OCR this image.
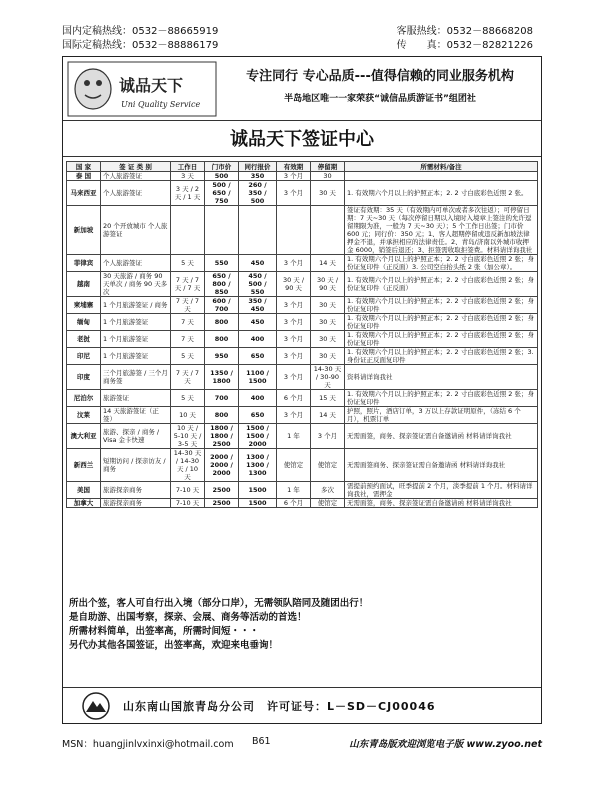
国内定稿热线：0532－88665919
国际定稿热线：0532－88886179
客服热线：0532－88668208
传　　真：0532－82821226
诚品天下
Uni Quality Service
专注同行 专心品质---值得信赖的同业服务机构
半岛地区唯一一家荣获“诚信品质游证书”组团社
诚品天下签证中心
国 家	签 证 类 别	工作日	门市价	同行报价	有效期	停留期	所需材料/备注
泰 国	个人旅游签证	3 天	500	350	3 个月	30	
马来西亚	个人旅游签证	3 天 / 2 天 / 1 天	500 / 650 / 750	260 / 350 / 500	3 个月	30 天	1. 有效期六个月以上的护照正本；2. 2 寸白底彩色近照 2 张。
新加坡	20 个开放城市 个人旅游签证						签证有效期：35 天（有效期内可单次或者多次往返）；可停留日期：7 天~30 天（每次停留日期以入境时入境章上签注的允许逗留期限为准，一般为 7 天~30 天）；5 个工作日出签；门市价 600 元；同行价：350 元；1、客人超期停留或违反新加坡法律押金不退，并承担相应的法律责任。2、青岛/济南以外城市收押金 6000，销签后退还；3、拒签需收取拒签费。材料请详询我社
菲律宾	个人旅游签证	5 天	550	450	3 个月	14 天	1. 有效期六个月以上的护照正本；2. 2 寸白底彩色近照 2 张；身份证复印件（正反面）3. 公司空白抬头纸 2 张（加公章）。
越南	30 天旅游 / 商务 90 天单次 / 商务 90 天多次	7 天 / 7 天 / 7 天	650 / 800 / 850	450 / 500 / 550	30 天 / 90 天	30 天 / 90 天	1. 有效期六个月以上的护照正本；2. 2 寸白底彩色近照 2 张；身份证复印件（正反面）
柬埔寨	1 个月旅游签证 / 商务	7 天 / 7 天	600 / 700	350 / 450	3 个月	30 天	1. 有效期六个月以上的护照正本；2. 2 寸白底彩色近照 2 张；身份证复印件
缅甸	1 个月旅游签证	7 天	800	450	3 个月	30 天	1. 有效期六个月以上的护照正本；2. 2 寸白底彩色近照 2 张；身份证复印件
老挝	1 个月旅游签证	7 天	800	400	3 个月	30 天	1. 有效期六个月以上的护照正本；2. 2 寸白底彩色近照 2 张；身份证复印件
印尼	1 个月旅游签证	5 天	950	650	3 个月	30 天	1. 有效期六个月以上的护照正本；2. 2 寸白底彩色近照 2 张；3. 身份证正反面复印件
印度	三个月旅游签 / 三个月商务签	7 天 / 7 天	1350 / 1800	1100 / 1500	3 个月	14-30 天 / 30-90 天	资料请详询我社
尼泊尔	旅游签证	5 天	700	400	6 个月	15 天	1. 有效期六个月以上的护照正本；2. 2 寸白底彩色近照 2 张；身份证复印件
汶莱	14 天旅游签证（正签）	10 天	800	650	3 个月	14 天	护照，照片，酒店订单，3 万以上存款证明原件，（冻结 6 个月），机票订单
澳大利亚	旅游、探亲 / 商务 / Visa 金卡快速	10 天 / 5-10 天 / 3-5 天	1800 / 1800 / 2500	1500 / 1500 / 2000	1 年	3 个月	无需面签，商务、探亲签证需自备邀请函 材料请详询我社
新西兰	短期访问 / 探亲访友 / 商务	14-30 天 / 14-30 天 / 10 天	2000 / 2000 / 2000	1300 / 1300 / 1300	使馆定	使馆定	无需面签商务、探亲签证需自备邀请函 材料请详询我社
美国	旅游探亲商务	7-10 天	2500	1500	1 年	多次	需提前预约面试，旺季提前 2 个月，淡季提前 1 个月。材料请详询我社，需押金
加拿大	旅游探亲商务	7-10 天	2500	1500	6 个月	使馆定	无需面签，商务、探亲签证需自备邀请函 材料请详询我社
所出个签，客人可自行出入境（部分口岸），无需领队陪同及随团出行！
是自助游、出国考察，探亲、会展、商务等活动的首选！
所需材料简单，出签率高，所需时间短・・・
另代办其他各国签证，出签率高，欢迎来电垂询！
山东南山国旅青岛分公司　许可证号：L－SD－CJ00046
MSN：huangjinlvxinxi@hotmail.com B61	山东青岛版欢迎浏览电子版 www.zyoo.net
